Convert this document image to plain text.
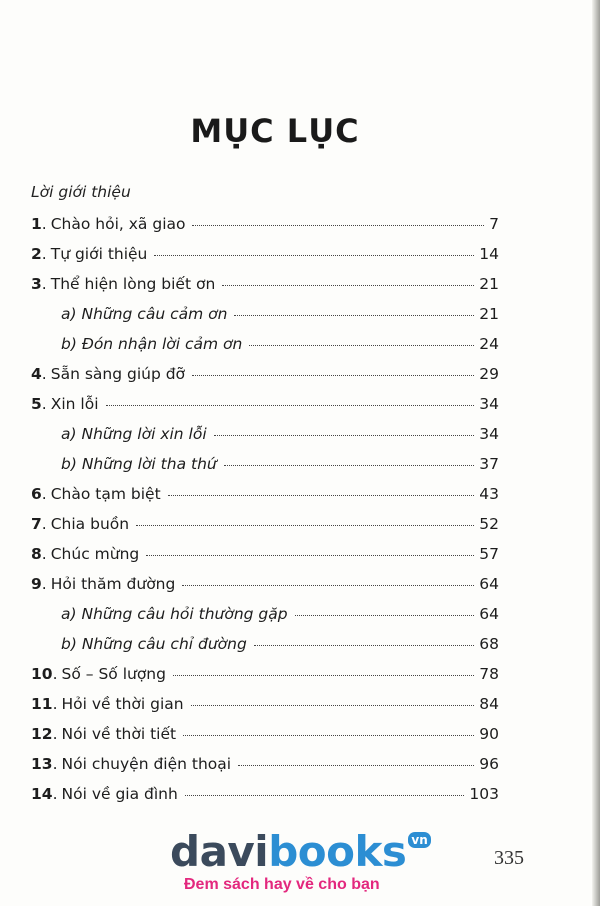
MỤC LỤC
Lời giới thiệu
1 . Chào hỏi, xã giao	7
2 . Tự giới thiệu	14
3 . Thể hiện lòng biết ơn	21
a) Những câu cảm ơn	21
b) Đón nhận lời cảm ơn	24
4 . Sẵn sàng giúp đỡ	29
5 . Xin lỗi	34
a) Những lời xin lỗi	34
b) Những lời tha thứ	37
6 . Chào tạm biệt	43
7 . Chia buồn	52
8 . Chúc mừng	57
9 . Hỏi thăm đường	64
a) Những câu hỏi thường gặp	64
b) Những câu chỉ đường	68
10 . Số – Số lượng	78
11 . Hỏi về thời gian	84
12 . Nói về thời tiết	90
13 . Nói chuyện điện thoại	96
14 . Nói về gia đình	103
davibooks vn
Đem sách hay về cho bạn
335
